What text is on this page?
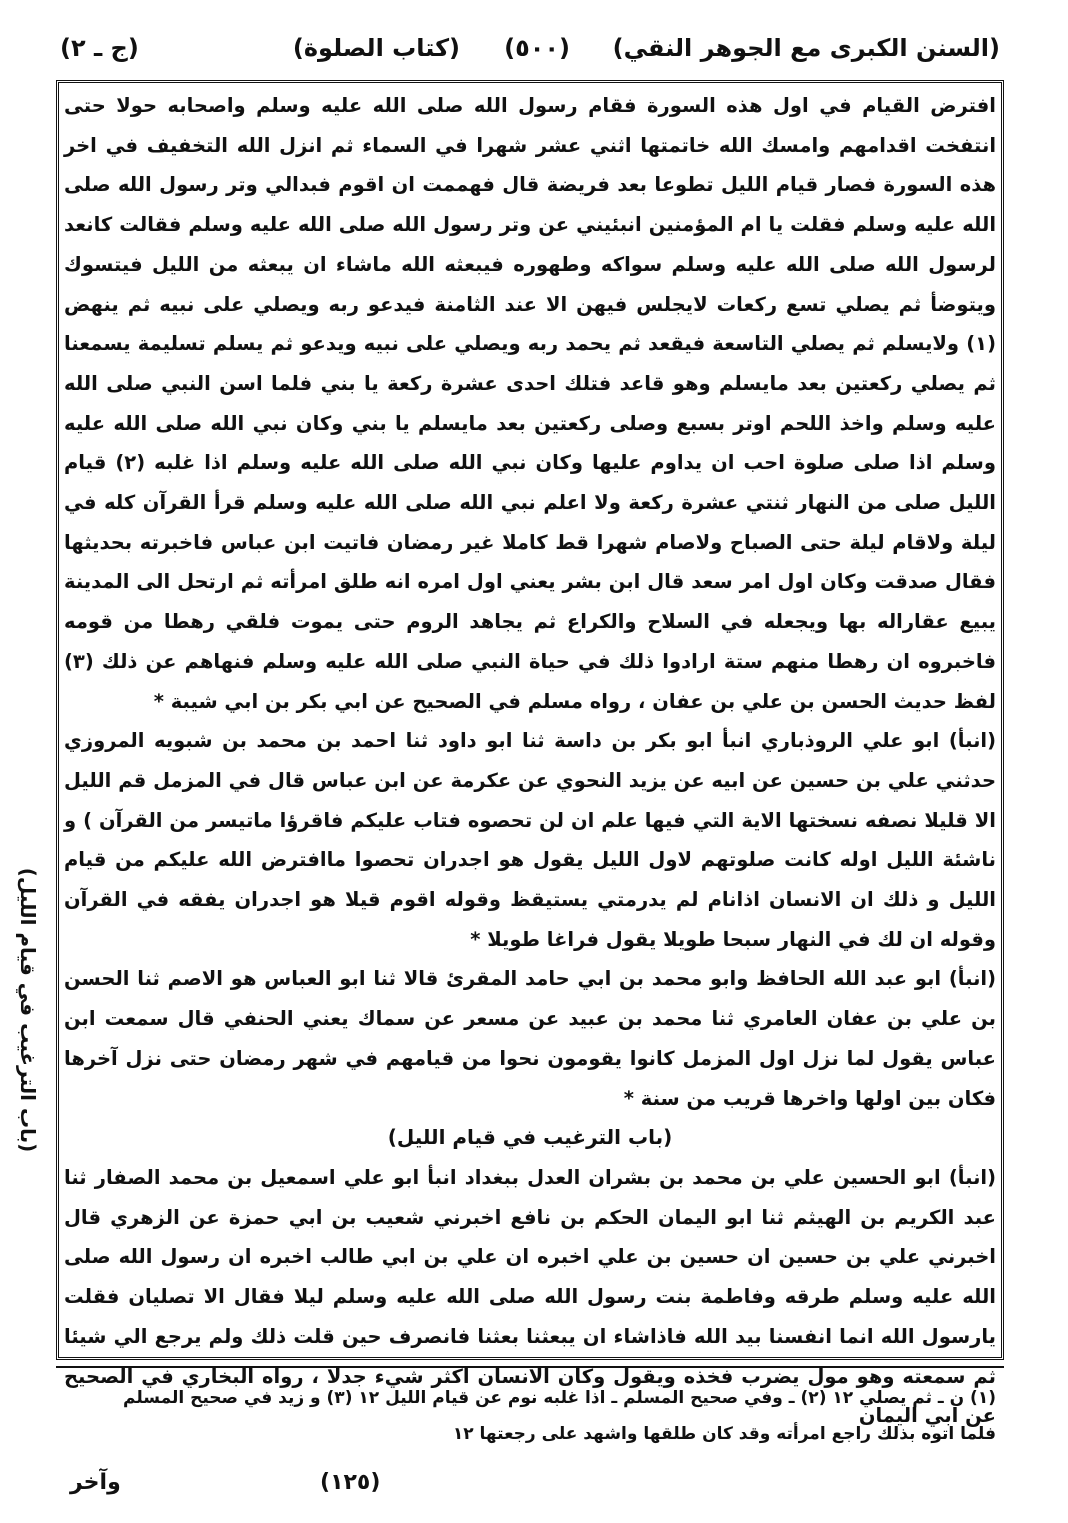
(السنن الكبرى مع الجوهر النقي)
(٥٠٠)
(كتاب الصلوة)
(ج ـ ٢)

افترض القيام في اول هذه السورة فقام رسول الله صلى الله عليه وسلم واصحابه حولا حتى انتفخت اقدامهم وامسك الله خاتمتها اثني عشر شهرا في السماء ثم انزل الله التخفيف في اخر هذه السورة فصار قيام الليل تطوعا بعد فريضة قال فهممت ان اقوم فبدالي وتر رسول الله صلى الله عليه وسلم فقلت يا ام المؤمنين انبئيني عن وتر رسول الله صلى الله عليه وسلم فقالت كانعد لرسول الله صلى الله عليه وسلم سواكه وطهوره فيبعثه الله ماشاء ان يبعثه من الليل فيتسوك ويتوضأ ثم يصلي تسع ركعات لايجلس فيهن الا عند الثامنة فيدعو ربه ويصلي على نبيه ثم ينهض (١) ولايسلم ثم يصلي التاسعة فيقعد ثم يحمد ربه ويصلي على نبيه ويدعو ثم يسلم تسليمة يسمعنا ثم يصلي ركعتين بعد مايسلم وهو قاعد فتلك احدى عشرة ركعة يا بني فلما اسن النبي صلى الله عليه وسلم واخذ اللحم اوتر بسبع وصلى ركعتين بعد مايسلم يا بني وكان نبي الله صلى الله عليه وسلم اذا صلى صلوة احب ان يداوم عليها وكان نبي الله صلى الله عليه وسلم اذا غلبه (٢) قيام الليل صلى من النهار ثنتي عشرة ركعة ولا اعلم نبي الله صلى الله عليه وسلم قرأ القرآن كله في ليلة ولاقام ليلة حتى الصباح ولاصام شهرا قط كاملا غير رمضان فاتيت ابن عباس فاخبرته بحديثها فقال صدقت وكان اول امر سعد قال ابن بشر يعني اول امره انه طلق امرأته ثم ارتحل الى المدينة يبيع عقاراله بها ويجعله في السلاح والكراع ثم يجاهد الروم حتى يموت فلقي رهطا من قومه فاخبروه ان رهطا منهم ستة ارادوا ذلك في حياة النبي صلى الله عليه وسلم فنهاهم عن ذلك (٣) لفظ حديث الحسن بن علي بن عفان ، رواه مسلم في الصحيح عن ابي بكر بن ابي شيبة *

(انبأ) ابو علي الروذباري انبأ ابو بكر بن داسة ثنا ابو داود ثنا احمد بن محمد بن شبويه المروزي حدثني علي بن حسين عن ابيه عن يزيد النحوي عن عكرمة عن ابن عباس قال في المزمل قم الليل الا قليلا نصفه نسختها الاية التي فيها علم ان لن تحصوه فتاب عليكم فاقرؤا ماتيسر من القرآن ) و ناشئة الليل اوله كانت صلوتهم لاول الليل يقول هو اجدران تحصوا ماافترض الله عليكم من قيام الليل و ذلك ان الانسان اذانام لم يدرمتي يستيقظ وقوله اقوم قيلا هو اجدران يفقه في القرآن وقوله ان لك في النهار سبحا طويلا يقول فراغا طويلا *

(انبأ) ابو عبد الله الحافظ وابو محمد بن ابي حامد المقرئ قالا ثنا ابو العباس هو الاصم ثنا الحسن بن علي بن عفان العامري ثنا محمد بن عبيد عن مسعر عن سماك يعني الحنفي قال سمعت ابن عباس يقول لما نزل اول المزمل كانوا يقومون نحوا من قيامهم في شهر رمضان حتى نزل آخرها فكان بين اولها واخرها قريب من سنة *

(باب الترغيب في قيام الليل)

(انبأ) ابو الحسين علي بن محمد بن بشران العدل ببغداد انبأ ابو علي اسمعيل بن محمد الصفار ثنا عبد الكريم بن الهيثم ثنا ابو اليمان الحكم بن نافع اخبرني شعيب بن ابي حمزة عن الزهري قال اخبرني علي بن حسين ان حسين بن علي اخبره ان علي بن ابي طالب اخبره ان رسول الله صلى الله عليه وسلم طرقه وفاطمة بنت رسول الله صلى الله عليه وسلم ليلا فقال الا تصليان فقلت يارسول الله انما انفسنا بيد الله فاذاشاء ان يبعثنا بعثنا فانصرف حين قلت ذلك ولم يرجع الي شيئا ثم سمعته وهو مول يضرب فخذه ويقول وكان الانسان اكثر شيء جدلا ، رواه البخاري في الصحيح عن ابي اليمان

(باب الترغيب في قيام الليل)

(١) ن ـ ثم يصلي ١٢ (٢) ـ وفي صحيح المسلم ـ اذا غلبه نوم عن قيام الليل ١٢ (٣) و زيد في صحيح المسلم

فلما اتوه بذلك راجع امرأته وقد كان طلقها واشهد على رجعتها ١٢

(١٢٥)
وآخر
